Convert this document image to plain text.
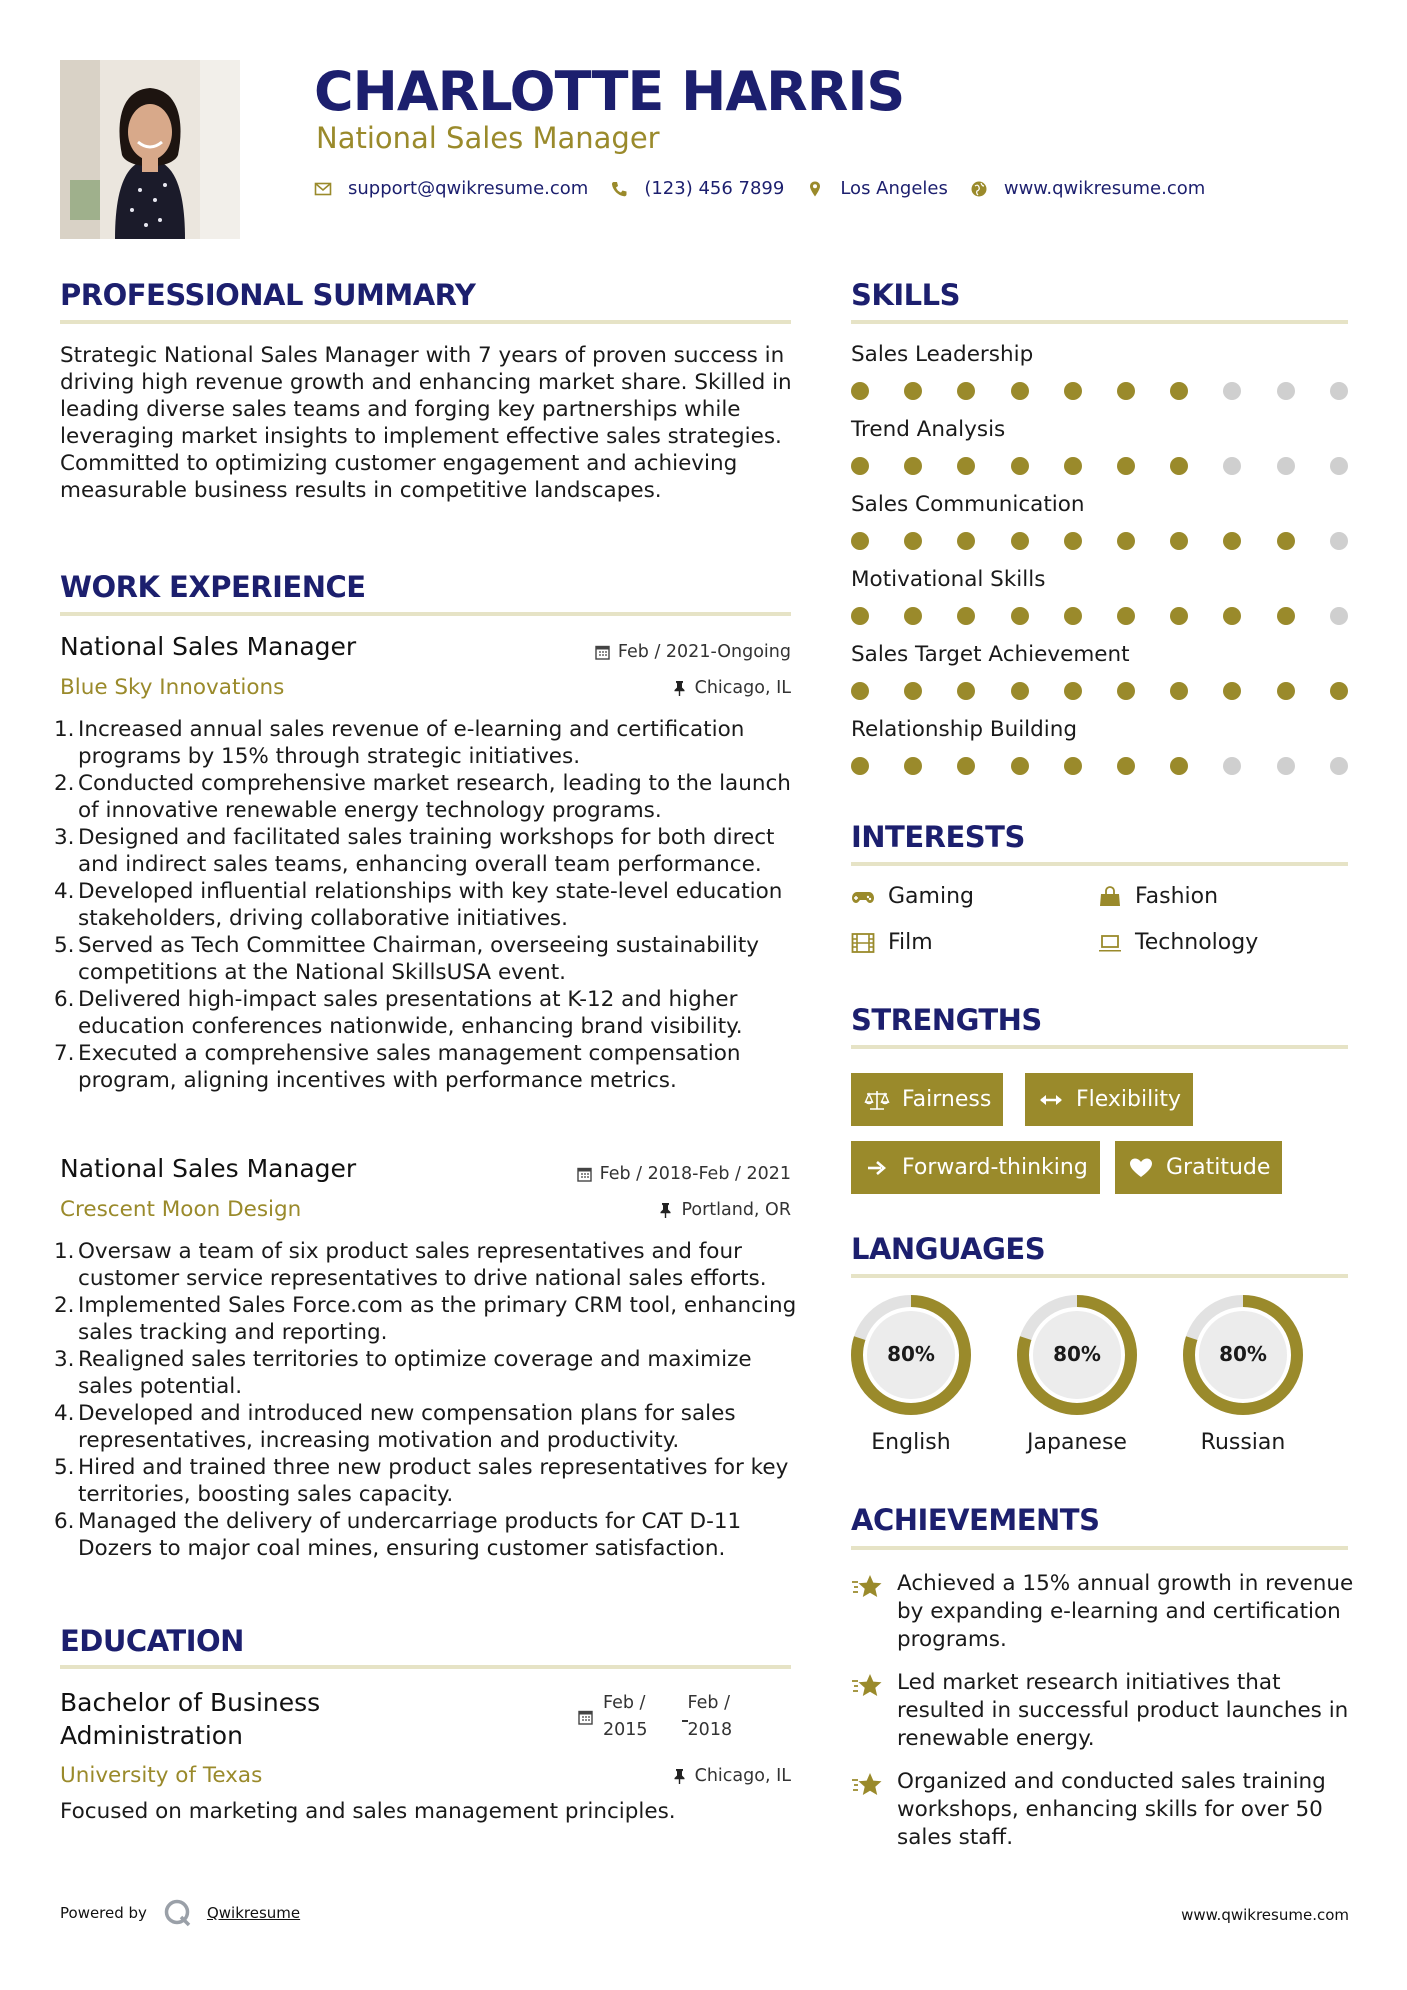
CHARLOTTE HARRIS
National Sales Manager
support@qwikresume.com	(123) 456 7899	Los Angeles	www.qwikresume.com
PROFESSIONAL SUMMARY
Strategic National Sales Manager with 7 years of proven success in driving high revenue growth and enhancing market share. Skilled in leading diverse sales teams and forging key partnerships while leveraging market insights to implement effective sales strategies. Committed to optimizing customer engagement and achieving measurable business results in competitive landscapes.
WORK EXPERIENCE
National Sales Manager
Blue Sky Innovations
Feb / 2021-Ongoing
Chicago, IL
1. Increased annual sales revenue of e-learning and certification programs by 15% through strategic initiatives.
2. Conducted comprehensive market research, leading to the launch of innovative renewable energy technology programs.
3. Designed and facilitated sales training workshops for both direct and indirect sales teams, enhancing overall team performance.
4. Developed influential relationships with key state-level education stakeholders, driving collaborative initiatives.
5. Served as Tech Committee Chairman, overseeing sustainability competitions at the National SkillsUSA event.
6. Delivered high-impact sales presentations at K-12 and higher education conferences nationwide, enhancing brand visibility.
7. Executed a comprehensive sales management compensation program, aligning incentives with performance metrics.
National Sales Manager
Crescent Moon Design
Feb / 2018-Feb / 2021
Portland, OR
1. Oversaw a team of six product sales representatives and four customer service representatives to drive national sales efforts.
2. Implemented Sales Force.com as the primary CRM tool, enhancing sales tracking and reporting.
3. Realigned sales territories to optimize coverage and maximize sales potential.
4. Developed and introduced new compensation plans for sales representatives, increasing motivation and productivity.
5. Hired and trained three new product sales representatives for key territories, boosting sales capacity.
6. Managed the delivery of undercarriage products for CAT D-11 Dozers to major coal mines, ensuring customer satisfaction.
EDUCATION
Bachelor of Business
Administration
Feb /
2015
Feb /
2018
University of Texas	Chicago, IL
Focused on marketing and sales management principles.
SKILLS
Sales Leadership
Trend Analysis
Sales Communication
Motivational Skills
Sales Target Achievement
Relationship Building
INTERESTS
Gaming	Fashion
Film	Technology
STRENGTHS
Fairness	Flexibility
Forward-thinking	Gratitude
LANGUAGES
80%
English
80%
Japanese
80%
Russian
ACHIEVEMENTS
Achieved a 15% annual growth in revenue by expanding e-learning and certification programs.
Led market research initiatives that resulted in successful product launches in renewable energy.
Organized and conducted sales training workshops, enhancing skills for over 50 sales staff.
Powered by	Qwikresume	www.qwikresume.com
